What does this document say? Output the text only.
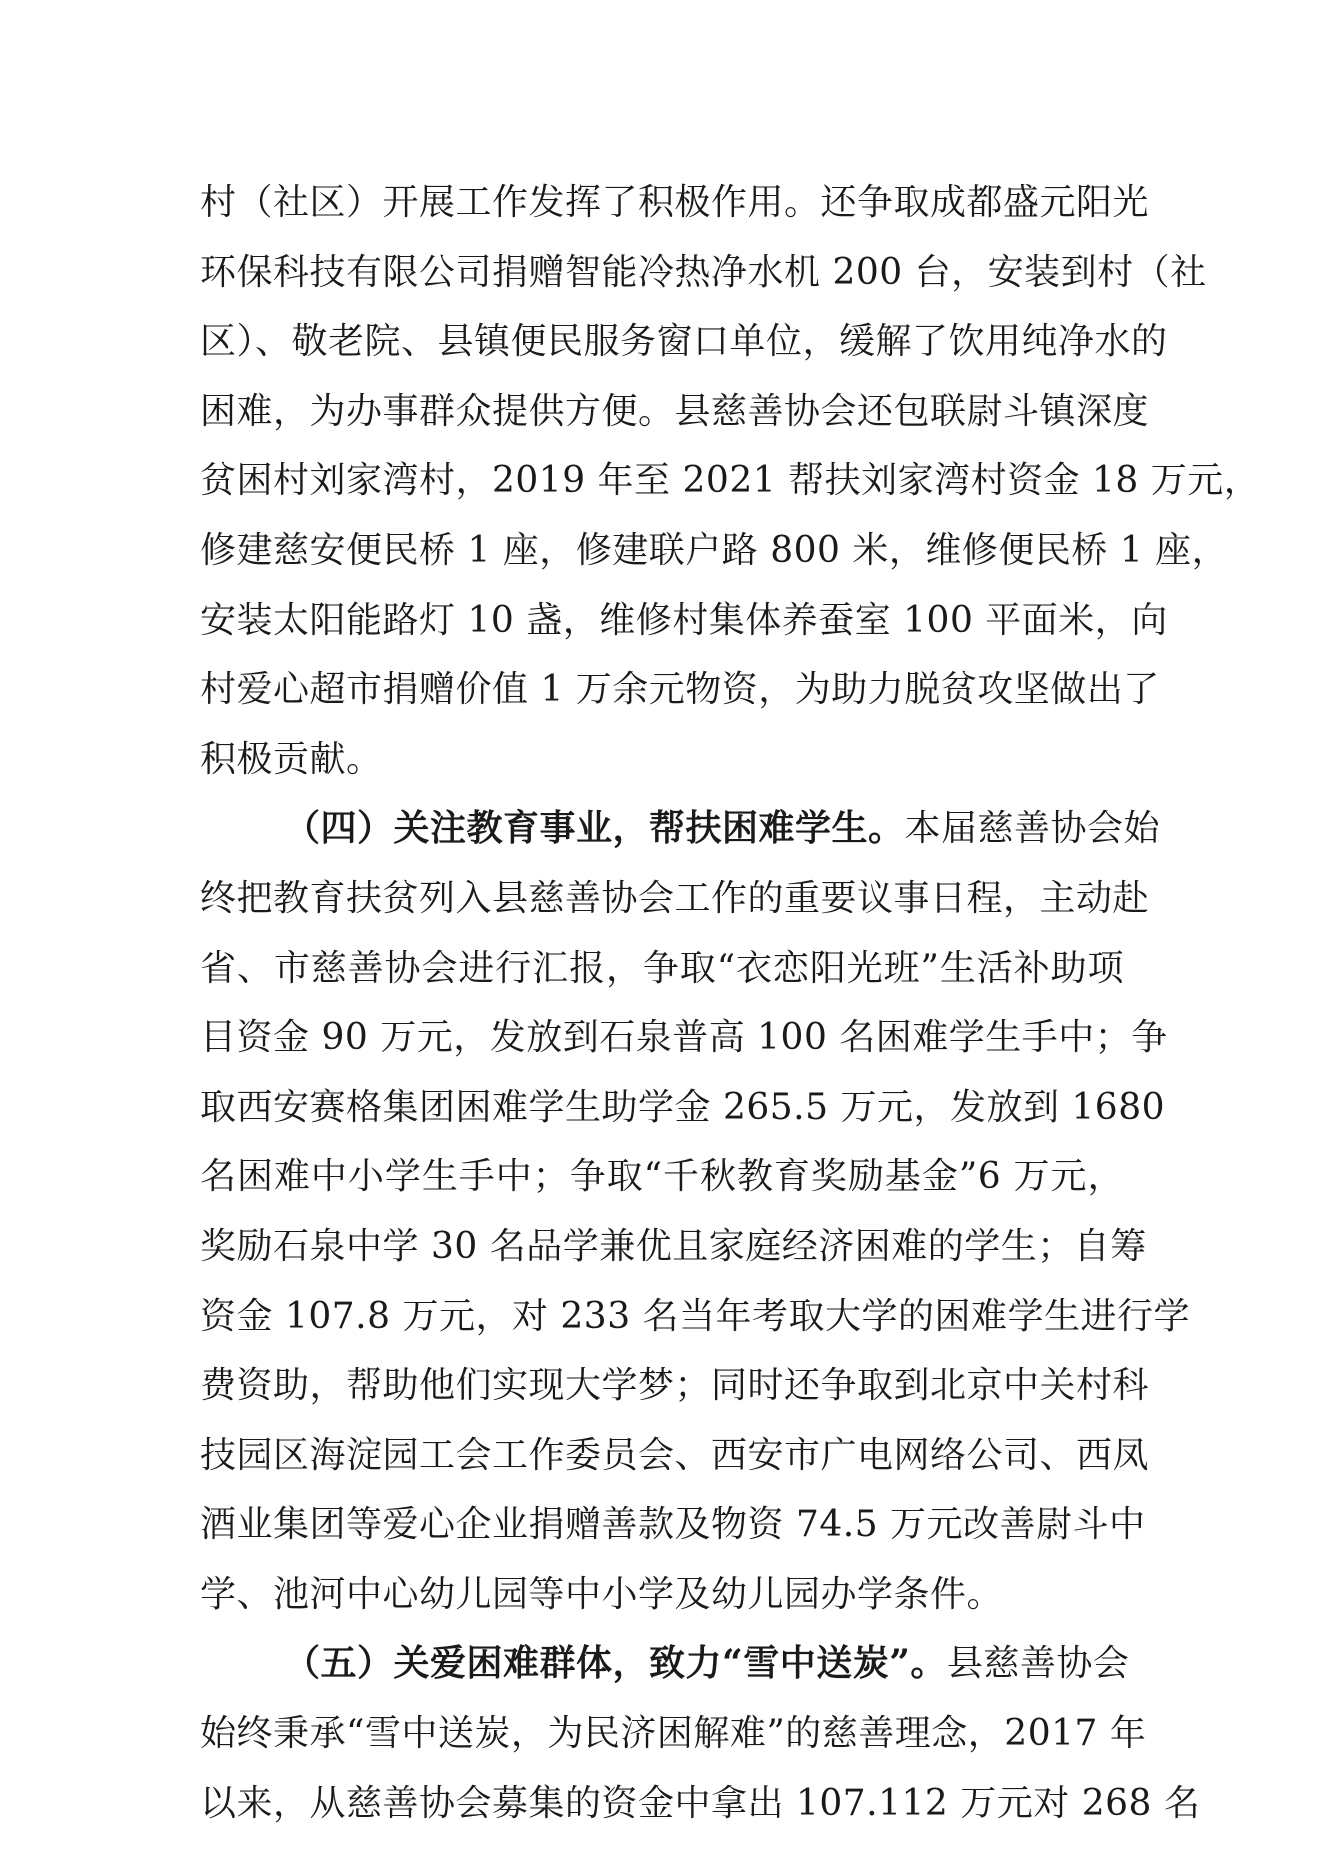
村（社区）开展工作发挥了积极作用。还争取成都盛元阳光
环保科技有限公司捐赠智能冷热净水机 200 台，安装到村（社
区）、敬老院、县镇便民服务窗口单位，缓解了饮用纯净水的
困难，为办事群众提供方便。县慈善协会还包联尉斗镇深度
贫困村刘家湾村，2019 年至 2021 帮扶刘家湾村资金 18 万元，
修建慈安便民桥 1 座，修建联户路 800 米，维修便民桥 1 座，
安装太阳能路灯 10 盏，维修村集体养蚕室 100 平面米，向
村爱心超市捐赠价值 1 万余元物资，为助力脱贫攻坚做出了
积极贡献。
（四）关注教育事业，帮扶困难学生。本届慈善协会始
终把教育扶贫列入县慈善协会工作的重要议事日程，主动赴
省、市慈善协会进行汇报，争取“衣恋阳光班”生活补助项
目资金 90 万元，发放到石泉普高 100 名困难学生手中；争
取西安赛格集团困难学生助学金 265.5 万元，发放到 1680
名困难中小学生手中；争取“千秋教育奖励基金”6 万元，
奖励石泉中学 30 名品学兼优且家庭经济困难的学生；自筹
资金 107.8 万元，对 233 名当年考取大学的困难学生进行学
费资助，帮助他们实现大学梦；同时还争取到北京中关村科
技园区海淀园工会工作委员会、西安市广电网络公司、西凤
酒业集团等爱心企业捐赠善款及物资 74.5 万元改善尉斗中
学、池河中心幼儿园等中小学及幼儿园办学条件。
（五）关爱困难群体，致力“雪中送炭”。县慈善协会
始终秉承“雪中送炭，为民济困解难”的慈善理念，2017 年
以来，从慈善协会募集的资金中拿出 107.112 万元对 268 名
